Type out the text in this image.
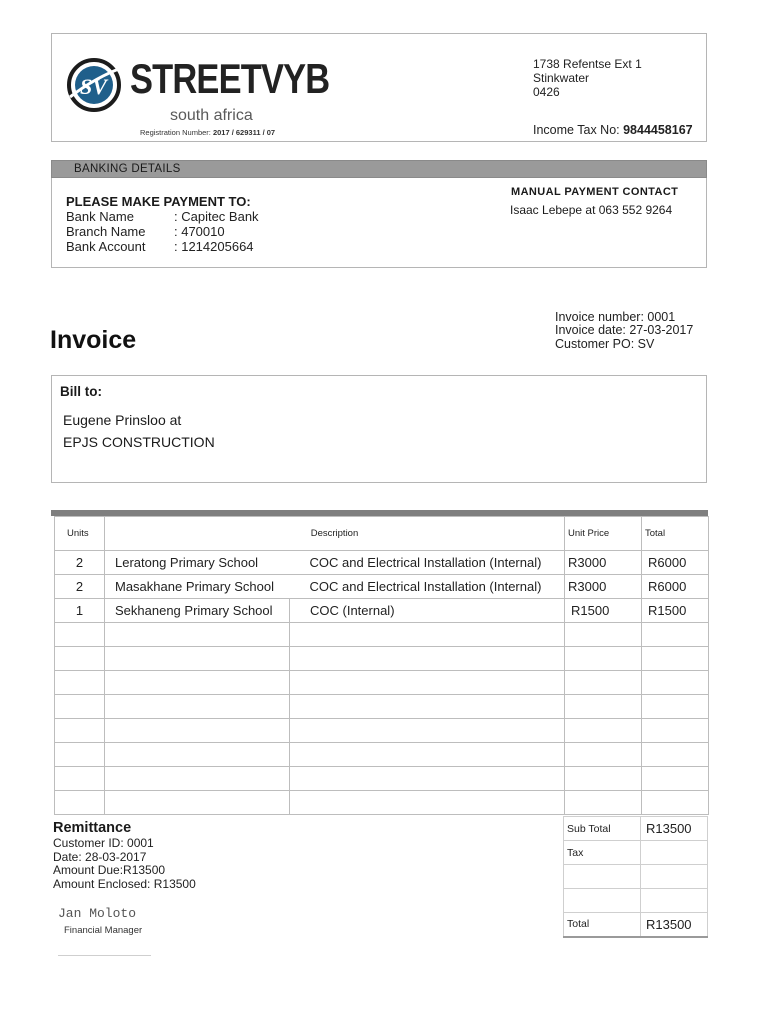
SV STREETVYB
south africa
Registration Number: 2017 / 629311 / 07
1738 Refentse Ext 1
Stinkwater
0426
Income Tax No: 9844458167
BANKING DETAILS
PLEASE MAKE PAYMENT TO:
Bank Name	: Capitec Bank
Branch Name : 470010
Bank Account : 1214205664
MANUAL PAYMENT CONTACT
Isaac Lebepe at 063 552 9264
Invoice
Invoice number: 0001
Invoice date: 27-03-2017
Customer PO: SV
Bill to:
Eugene Prinsloo at
EPJS CONSTRUCTION
Units	Description		Unit Price	Total
2	Leratong Primary School	COC and Electrical Installation (Internal)	R3000	R6000
2	Masakhane Primary School	COC and Electrical Installation (Internal)	R3000	R6000
1	Sekhaneng Primary School	COC (Internal)	R1500	R1500

Remittance
Customer ID: 0001
Date: 28-03-2017
Amount Due:R13500
Amount Enclosed: R13500
Jan Moloto
Financial Manager
Sub Total	R13500
Tax	

Total	R13500
